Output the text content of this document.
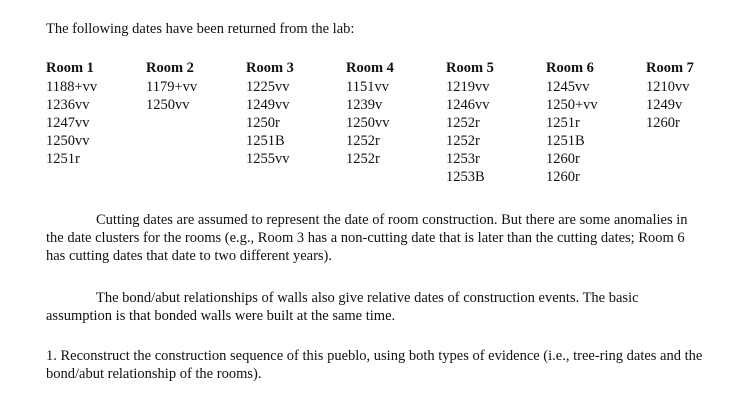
The following dates have been returned from the lab:

Room 1
1188+vv
1236vv
1247vv
1250vv
1251r
Room 2
1179+vv
1250vv
Room 3
1225vv
1249vv
1250r
1251B
1255vv
Room 4
1151vv
1239v
1250vv
1252r
1252r
Room 5
1219vv
1246vv
1252r
1252r
1253r
1253B
Room 6
1245vv
1250+vv
1251r
1251B
1260r
1260r
Room 7
1210vv
1249v
1260r

Cutting dates are assumed to represent the date of room construction. But there are some anomalies in the date clusters for the rooms (e.g., Room 3 has a non-cutting date that is later than the cutting dates; Room 6 has cutting dates that date to two different years).

The bond/abut relationships of walls also give relative dates of construction events. The basic assumption is that bonded walls were built at the same time.

1. Reconstruct the construction sequence of this pueblo, using both types of evidence (i.e., tree-ring dates and the bond/abut relationship of the rooms).
